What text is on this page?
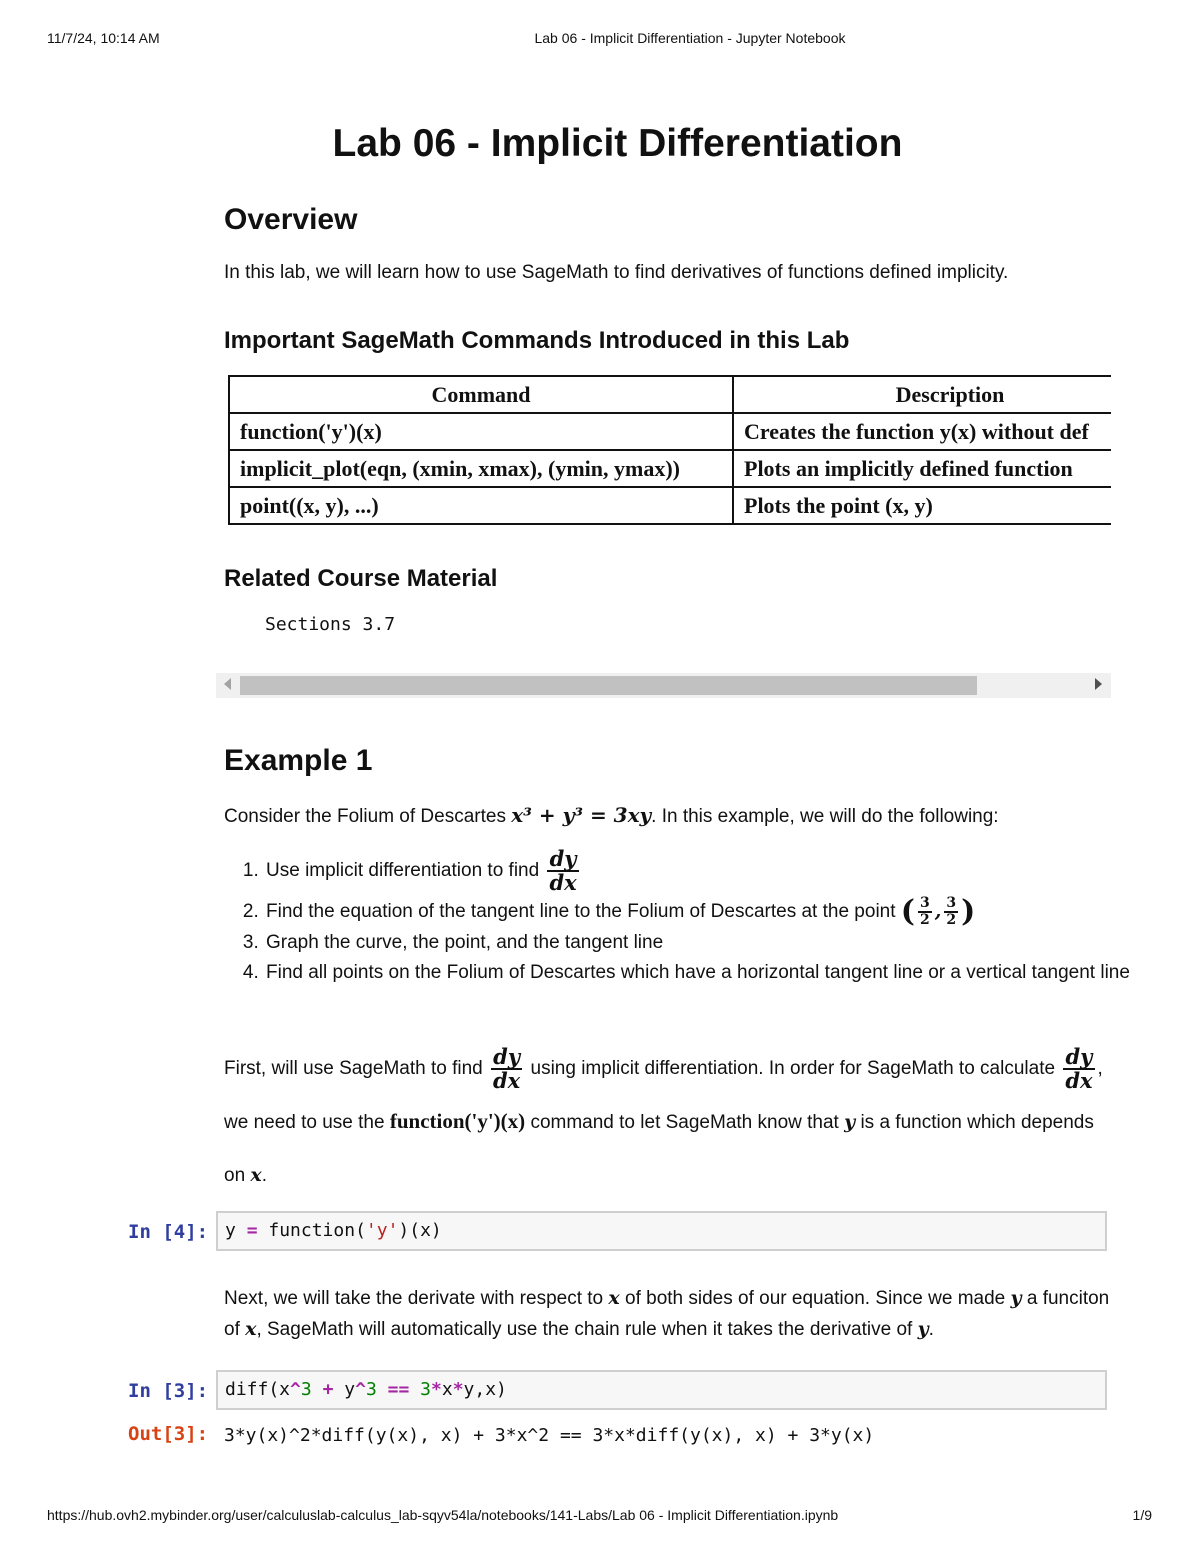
11/7/24, 10:14 AM	Lab 06 - Implicit Differentiation - Jupyter Notebook
Lab 06 - Implicit Differentiation
Overview

In this lab, we will learn how to use SageMath to find derivatives of functions defined implicity.

Important SageMath Commands Introduced in this Lab
Command	Description
function('y')(x)	Creates the function y(x) without def
implicit_plot(eqn, (xmin, xmax), (ymin, ymax))	Plots an implicitly defined function
point((x, y), ...)	Plots the point (x, y)
Related Course Material
Sections 3.7
Example 1

Consider the Folium of Descartes x³ + y³ = 3xy. In this example, we will do the following:

1. Use implicit differentiation to find $\frac{dy}{dx}$
2. Find the equation of the tangent line to the Folium of Descartes at the point ( $\frac{3}{2}$ , $\frac{3}{2}$ )
3. Graph the curve, the point, and the tangent line
4. Find all points on the Folium of Descartes which have a horizontal tangent line or a vertical tangent line

First, will use SageMath to find $\frac{dy}{dx}$ using implicit differentiation. In order for SageMath to calculate $\frac{dy}{dx}$ , we need to use the function('y')(x) command to let SageMath know that y is a function which depends on x.

In [4]: y = function('y')(x)

Next, we will take the derivate with respect to x of both sides of our equation. Since we made y a funciton of x, SageMath will automatically use the chain rule when it takes the derivative of y.

In [3]: diff(x^3 + y^3 == 3*x*y,x)
Out[3]: 3*y(x)^2*diff(y(x), x) + 3*x^2 == 3*x*diff(y(x), x) + 3*y(x)
https://hub.ovh2.mybinder.org/user/calculuslab-calculus_lab-sqyv54la/notebooks/141-Labs/Lab 06 - Implicit Differentiation.ipynb	1/9
